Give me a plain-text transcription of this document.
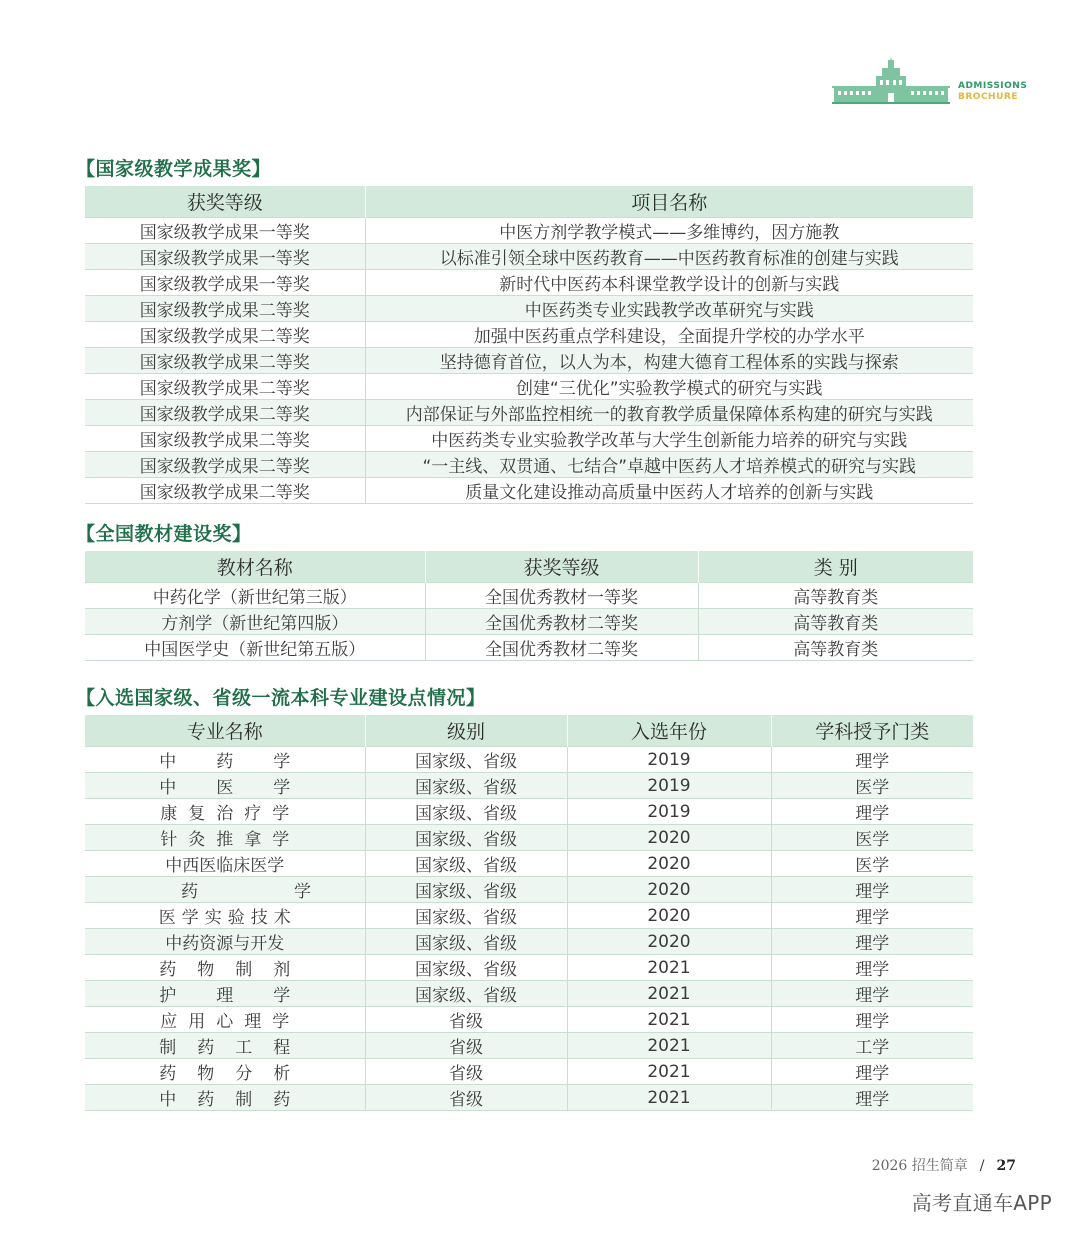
ADMISSIONS
BROCHURE
【国家级教学成果奖】
获奖等级	项目名称
国家级教学成果一等奖	中医方剂学教学模式——多维博约，因方施教
国家级教学成果一等奖	以标准引领全球中医药教育——中医药教育标准的创建与实践
国家级教学成果一等奖	新时代中医药本科课堂教学设计的创新与实践
国家级教学成果二等奖	中医药类专业实践教学改革研究与实践
国家级教学成果二等奖	加强中医药重点学科建设，全面提升学校的办学水平
国家级教学成果二等奖	坚持德育首位，以人为本，构建大德育工程体系的实践与探索
国家级教学成果二等奖	创建“三优化”实验教学模式的研究与实践
国家级教学成果二等奖	内部保证与外部监控相统一的教育教学质量保障体系构建的研究与实践
国家级教学成果二等奖	中医药类专业实验教学改革与大学生创新能力培养的研究与实践
国家级教学成果二等奖	“一主线、双贯通、七结合”卓越中医药人才培养模式的研究与实践
国家级教学成果二等奖	质量文化建设推动高质量中医药人才培养的创新与实践
【全国教材建设奖】
教材名称	获奖等级	类 别
中药化学（新世纪第三版）	全国优秀教材一等奖	高等教育类
方剂学（新世纪第四版）	全国优秀教材二等奖	高等教育类
中国医学史（新世纪第五版）	全国优秀教材二等奖	高等教育类
【入选国家级、省级一流本科专业建设点情况】
专业名称	级别	入选年份	学科授予门类
中药学	国家级、省级	2019	理学
中医学	国家级、省级	2019	医学
康复治疗学	国家级、省级	2019	理学
针灸推拿学	国家级、省级	2020	医学
中西医临床医学	国家级、省级	2020	医学
药学	国家级、省级	2020	理学
医学实验技术	国家级、省级	2020	理学
中药资源与开发	国家级、省级	2020	理学
药物制剂	国家级、省级	2021	理学
护理学	国家级、省级	2021	理学
应用心理学	省级	2021	理学
制药工程	省级	2021	工学
药物分析	省级	2021	理学
中药制药	省级	2021	理学
2026 招生简章 / 27
高考直通车APP
